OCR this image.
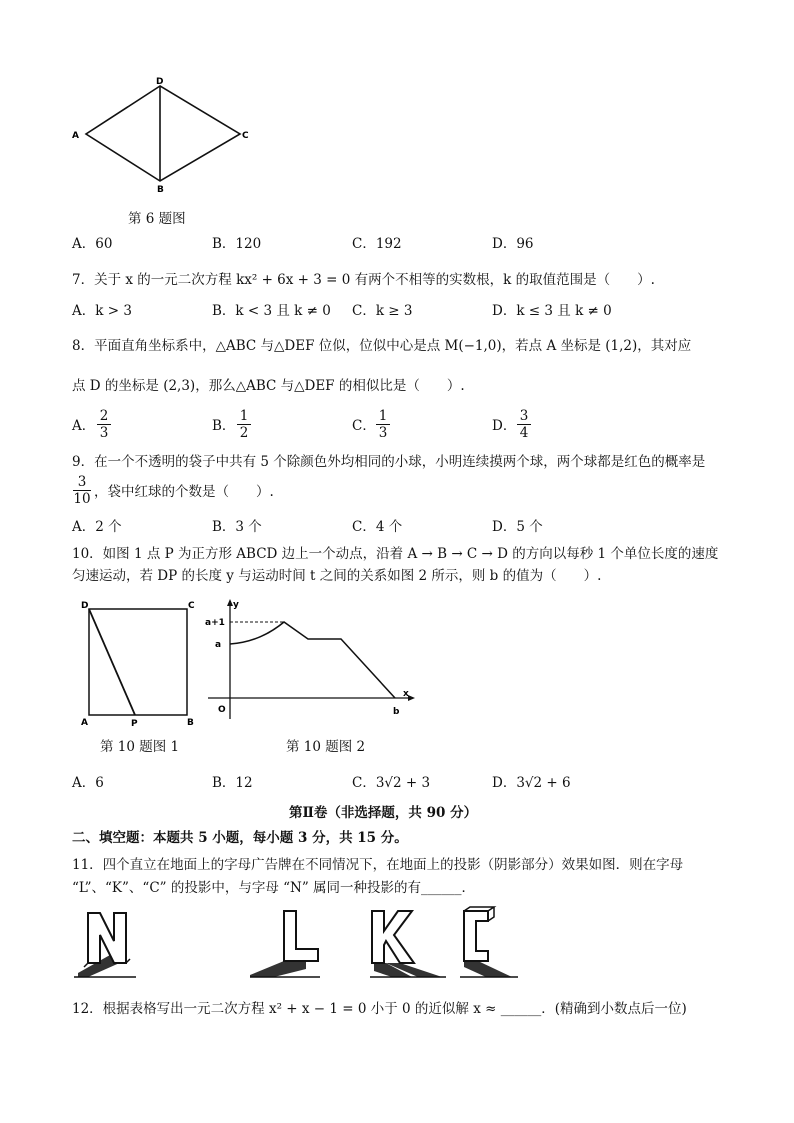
D
A	C
B
第 6 题图
A．60	B．120	C．192	D．96
7．关于 x 的一元二次方程 kx² + 6x + 3 = 0 有两个不相等的实数根，k 的取值范围是（　　）.
A．k > 3	B．k < 3 且 k ≠ 0 C．k ≥ 3	D．k ≤ 3 且 k ≠ 0
8．平面直角坐标系中，△ABC 与△DEF 位似，位似中心是点 M(−1,0)，若点 A 坐标是 (1,2)，其对应
点 D 的坐标是 (2,3)，那么△ABC 与△DEF 的相似比是（　　）.
A．
2
3	B．
1
2	C．
1
3	D．
3
4
9．在一个不透明的袋子中共有 5 个除颜色外均相同的小球，小明连续摸两个球，两个球都是红色的概率是
3
10 ，袋中红球的个数是（　　）.
A．2 个	B．3 个	C．4 个	D．5 个
10．如图 1 点 P 为正方形 ABCD 边上一个动点，沿着 A → B → C → D 的方向以每秒 1 个单位长度的速度
匀速运动，若 DP 的长度 y 与运动时间 t 之间的关系如图 2 所示，则 b 的值为（　　）.
D	C
A	P	B
y
a+1
a
O
x
b
第 10 题图 1	第 10 题图 2
A．6	B．12	C．3√2 + 3	D．3√2 + 6
第Ⅱ卷（非选择题，共 90 分）
二、填空题：本题共 5 小题，每小题 3 分，共 15 分。
11．四个直立在地面上的字母广告牌在不同情况下，在地面上的投影（阴影部分）效果如图．则在字母
“L”、“K”、“C” 的投影中，与字母 “N” 属同一种投影的有______．
12．根据表格写出一元二次方程 x² + x − 1 = 0 小于 0 的近似解 x ≈ ______．(精确到小数点后一位)
